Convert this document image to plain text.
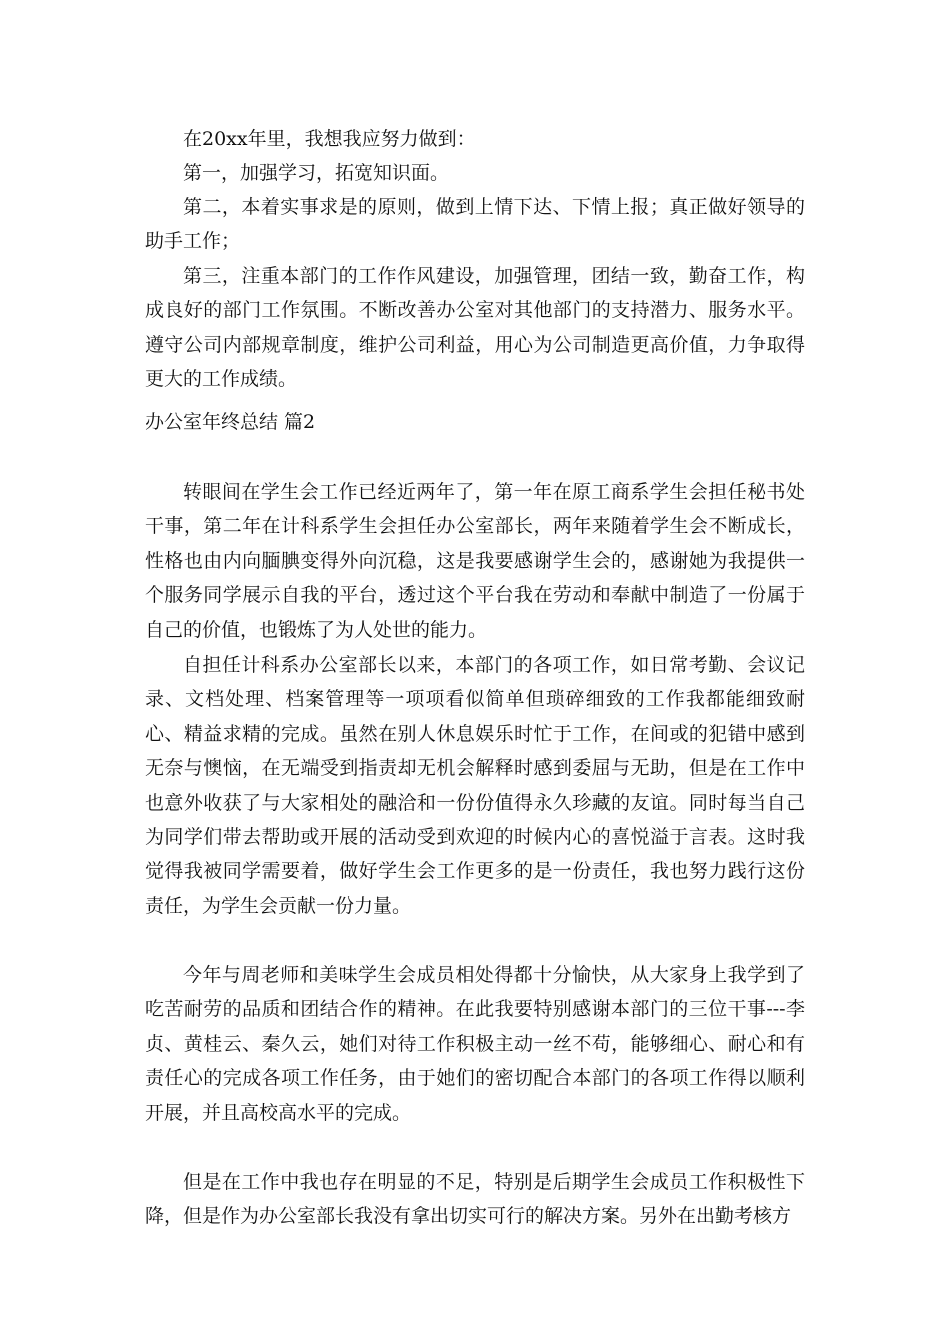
在20xx年里，我想我应努力做到：

第一，加强学习，拓宽知识面。

第二，本着实事求是的原则，做到上情下达、下情上报；真正做好领导的助手工作；

第三，注重本部门的工作作风建设，加强管理，团结一致，勤奋工作，构成良好的部门工作氛围。不断改善办公室对其他部门的支持潜力、服务水平。遵守公司内部规章制度，维护公司利益，用心为公司制造更高价值，力争取得更大的工作成绩。

办公室年终总结 篇2

转眼间在学生会工作已经近两年了，第一年在原工商系学生会担任秘书处干事，第二年在计科系学生会担任办公室部长，两年来随着学生会不断成长，性格也由内向腼腆变得外向沉稳，这是我要感谢学生会的，感谢她为我提供一个服务同学展示自我的平台，透过这个平台我在劳动和奉献中制造了一份属于自己的价值，也锻炼了为人处世的能力。

自担任计科系办公室部长以来，本部门的各项工作，如日常考勤、会议记录、文档处理、档案管理等一项项看似简单但琐碎细致的工作我都能细致耐心、精益求精的完成。虽然在别人休息娱乐时忙于工作，在间或的犯错中感到无奈与懊恼，在无端受到指责却无机会解释时感到委屈与无助，但是在工作中也意外收获了与大家相处的融洽和一份份值得永久珍藏的友谊。同时每当自己为同学们带去帮助或开展的活动受到欢迎的时候内心的喜悦溢于言表。这时我觉得我被同学需要着，做好学生会工作更多的是一份责任，我也努力践行这份责任，为学生会贡献一份力量。

今年与周老师和美味学生会成员相处得都十分愉快，从大家身上我学到了吃苦耐劳的品质和团结合作的精神。在此我要特别感谢本部门的三位干事---李贞、黄桂云、秦久云，她们对待工作积极主动一丝不苟，能够细心、耐心和有责任心的完成各项工作任务，由于她们的密切配合本部门的各项工作得以顺利开展，并且高校高水平的完成。

但是在工作中我也存在明显的不足，特别是后期学生会成员工作积极性下降，但是作为办公室部长我没有拿出切实可行的解决方案。另外在出勤考核方
